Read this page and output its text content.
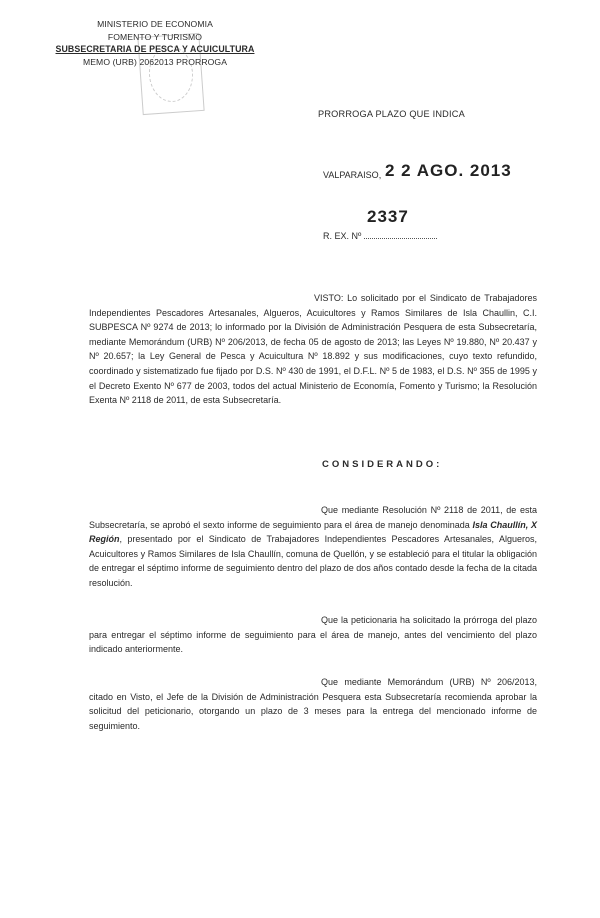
MINISTERIO DE ECONOMIA
FOMENTO Y TURISMO
SUBSECRETARIA DE PESCA Y ACUICULTURA
MEMO (URB) 2062013 PRORROGA
PRORROGA PLAZO QUE INDICA
VALPARAISO, 2 2 AGO. 2013
2337
R. EX. Nº
VISTO: Lo solicitado por el Sindicato de Trabajadores Independientes Pescadores Artesanales, Algueros, Acuicultores y Ramos Similares de Isla Chaullin, C.I. SUBPESCA Nº 9274 de 2013; lo informado por la División de Administración Pesquera de esta Subsecretaría, mediante Memorándum (URB) Nº 206/2013, de fecha 05 de agosto de 2013; las Leyes Nº 19.880, Nº 20.437 y Nº 20.657; la Ley General de Pesca y Acuicultura Nº 18.892 y sus modificaciones, cuyo texto refundido, coordinado y sistematizado fue fijado por D.S. Nº 430 de 1991, el D.F.L. Nº 5 de 1983, el D.S. Nº 355 de 1995 y el Decreto Exento Nº 677 de 2003, todos del actual Ministerio de Economía, Fomento y Turismo; la Resolución Exenta Nº 2118 de 2011, de esta Subsecretaría.
CONSIDERANDO:
Que mediante Resolución Nº 2118 de 2011, de esta Subsecretaría, se aprobó el sexto informe de seguimiento para el área de manejo denominada Isla Chaullín, X Región, presentado por el Sindicato de Trabajadores Independientes Pescadores Artesanales, Algueros, Acuicultores y Ramos Similares de Isla Chaullín, comuna de Quellón, y se estableció para el titular la obligación de entregar el séptimo informe de seguimiento dentro del plazo de dos años contado desde la fecha de la citada resolución.
Que la peticionaria ha solicitado la prórroga del plazo para entregar el séptimo informe de seguimiento para el área de manejo, antes del vencimiento del plazo indicado anteriormente.
Que mediante Memorándum (URB) Nº 206/2013, citado en Visto, el Jefe de la División de Administración Pesquera esta Subsecretaría recomienda aprobar la solicitud del peticionario, otorgando un plazo de 3 meses para la entrega del mencionado informe de seguimiento.
